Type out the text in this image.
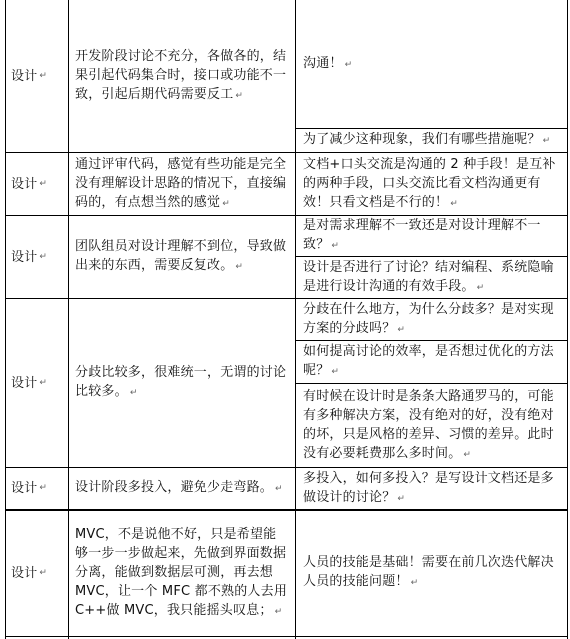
设计 ↵
开发阶段讨论不充分，各做各的，结果引起代码集合时，接口或功能不一致，引起后期代码需要反工 ↵
沟通！ ↵
为了减少这种现象，我们有哪些措施呢？ ↵
设计 ↵
通过评审代码，感觉有些功能是完全没有理解设计思路的情况下，直接编码的，有点想当然的感觉 ↵
文档+口头交流是沟通的 2 种手段！是互补的两种手段，口头交流比看文档沟通更有效！只看文档是不行的！ ↵
设计 ↵
团队组员对设计理解不到位，导致做出来的东西，需要反复改。 ↵
是对需求理解不一致还是对设计理解不一致？ ↵
设计是否进行了讨论？结对编程、系统隐喻是进行设计沟通的有效手段。 ↵
设计 ↵
分歧比较多，很难统一，无谓的讨论比较多。 ↵
分歧在什么地方，为什么分歧多？是对实现方案的分歧吗？ ↵
如何提高讨论的效率，是否想过优化的方法呢？ ↵
有时候在设计时是条条大路通罗马的，可能有多种解决方案，没有绝对的好，没有绝对的坏，只是风格的差异、习惯的差异。此时没有必要耗费那么多时间。 ↵
设计 ↵ 设计阶段多投入，避免少走弯路。 ↵
多投入，如何多投入？是写设计文档还是多做设计的讨论？ ↵
设计 ↵
MVC，不是说他不好，只是希望能够一步一步做起来，先做到界面数据分离，能做到数据层可测，再去想 MVC，让一个 MFC 都不熟的人去用 C++做 MVC，我只能摇头叹息； ↵
人员的技能是基础！需要在前几次迭代解决人员的技能问题！ ↵
